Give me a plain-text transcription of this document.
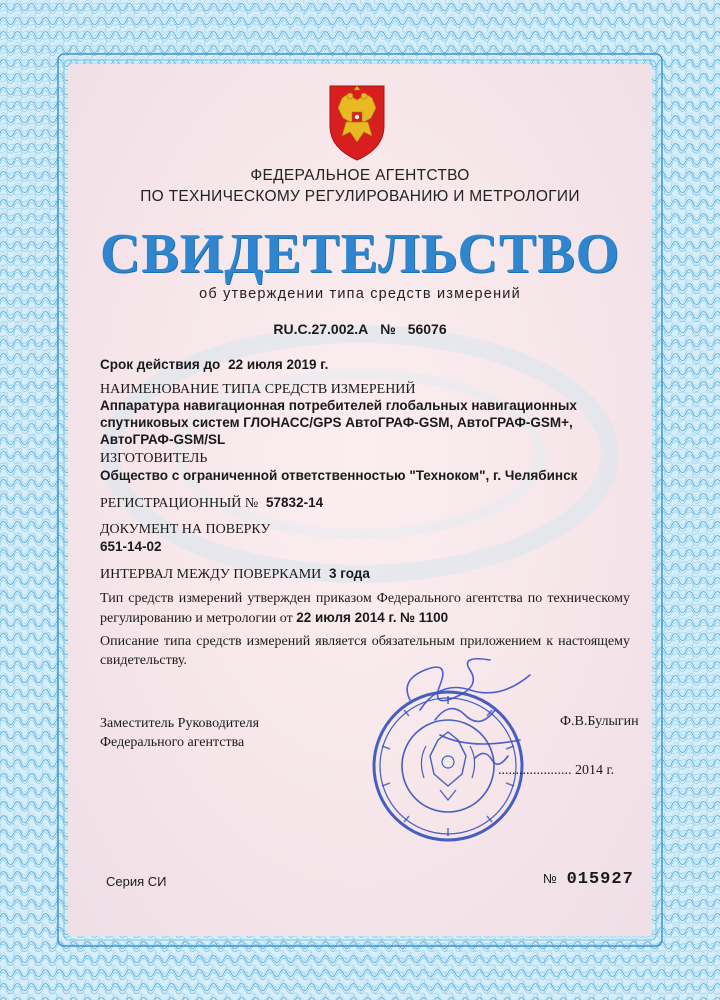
ФЕДЕРАЛЬНОЕ АГЕНТСТВО
ПО ТЕХНИЧЕСКОМУ РЕГУЛИРОВАНИЮ И МЕТРОЛОГИИ
СВИДЕТЕЛЬСТВО
об утверждении типа средств измерений
RU.C.27.002.A № 56076
Срок действия до 22 июля 2019 г.
НАИМЕНОВАНИЕ ТИПА СРЕДСТВ ИЗМЕРЕНИЙ
Аппаратура навигационная потребителей глобальных навигационных спутниковых систем ГЛОНАСС/GPS АвтоГРАФ-GSM, АвтоГРАФ-GSM+, АвтоГРАФ-GSM/SL
ИЗГОТОВИТЕЛЬ
Общество с ограниченной ответственностью "Техноком", г. Челябинск
РЕГИСТРАЦИОННЫЙ № 57832-14
ДОКУМЕНТ НА ПОВЕРКУ
651-14-02
ИНТЕРВАЛ МЕЖДУ ПОВЕРКАМИ 3 года
Тип средств измерений утвержден приказом Федерального агентства по техническому регулированию и метрологии от 22 июля 2014 г. № 1100
Описание типа средств измерений является обязательным приложением к настоящему свидетельству.
Заместитель Руководителя
Федерального агентства
Ф.В.Булыгин
..................... 2014 г.
Серия СИ	№ 015927
